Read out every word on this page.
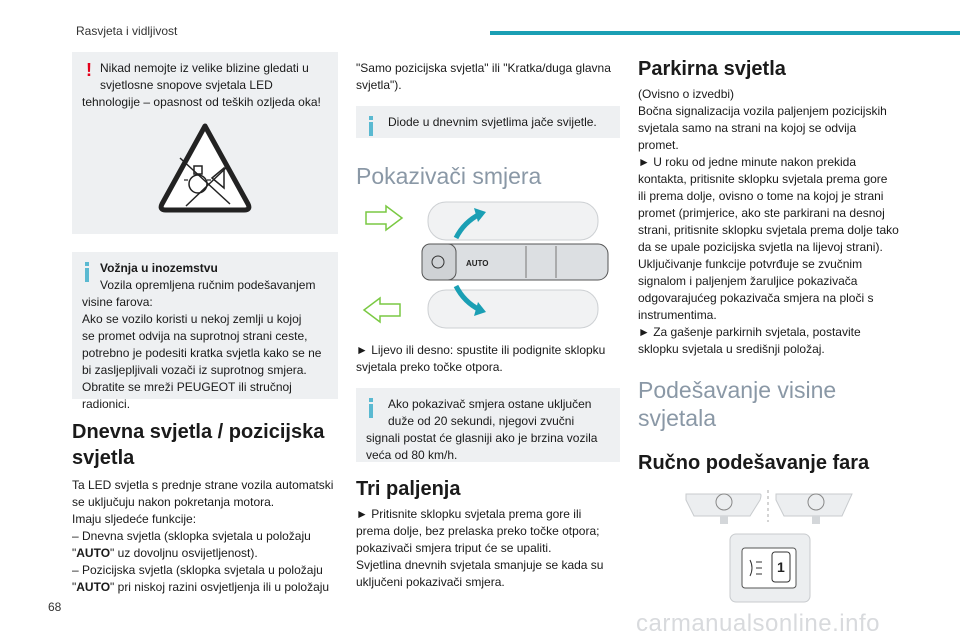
Rasvjeta i vidljivost
! Nikad nemojte iz velike blizine gledati u
svjetlosne snopove svjetala LED
tehnologije – opasnost od teških ozljeda oka!
Vožnja u inozemstvu
Vozila opremljena ručnim podešavanjem
visine farova:
Ako se vozilo koristi u nekoj zemlji u kojoj
se promet odvija na suprotnoj strani ceste,
potrebno je podesiti kratka svjetla kako se ne
bi zasljepljivali vozači iz suprotnog smjera.
Obratite se mreži PEUGEOT ili stručnoj
radionici.
Dnevna svjetla / pozicijska
svjetla
Ta LED svjetla s prednje strane vozila automatski
se uključuju nakon pokretanja motora.
Imaju sljedeće funkcije:
– Dnevna svjetla (sklopka svjetala u položaju
"AUTO" uz dovoljnu osvijetljenost).
– Pozicijska svjetla (sklopka svjetala u položaju
"AUTO" pri niskoj razini osvjetljenja ili u položaju
"Samo pozicijska svjetla" ili "Kratka/duga glavna
svjetla").
Diode u dnevnim svjetlima jače svijetle.
Pokazivači smjera
AUTO
► Lijevo ili desno: spustite ili podignite sklopku
svjetala preko točke otpora.
Ako pokazivač smjera ostane uključen
duže od 20 sekundi, njegovi zvučni
signali postat će glasniji ako je brzina vozila
veća od 80 km/h.
Tri paljenja
► Pritisnite sklopku svjetala prema gore ili
prema dolje, bez prelaska preko točke otpora;
pokazivači smjera triput će se upaliti.
Svjetlina dnevnih svjetala smanjuje se kada su
uključeni pokazivači smjera.
Parkirna svjetla
(Ovisno o izvedbi)
Bočna signalizacija vozila paljenjem pozicijskih
svjetala samo na strani na kojoj se odvija
promet.
► U roku od jedne minute nakon prekida
kontakta, pritisnite sklopku svjetala prema gore
ili prema dolje, ovisno o tome na kojoj je strani
promet (primjerice, ako ste parkirani na desnoj
strani, pritisnite sklopku svjetala prema dolje tako
da se upale pozicijska svjetla na lijevoj strani).
Uključivanje funkcije potvrđuje se zvučnim
signalom i paljenjem žaruljice pokazivača
odgovarajućeg pokazivača smjera na ploči s
instrumentima.
► Za gašenje parkirnih svjetala, postavite
sklopku svjetala u središnji položaj.
Podešavanje visine
svjetala
Ručno podešavanje fara
1
68
carmanualsonline.info
